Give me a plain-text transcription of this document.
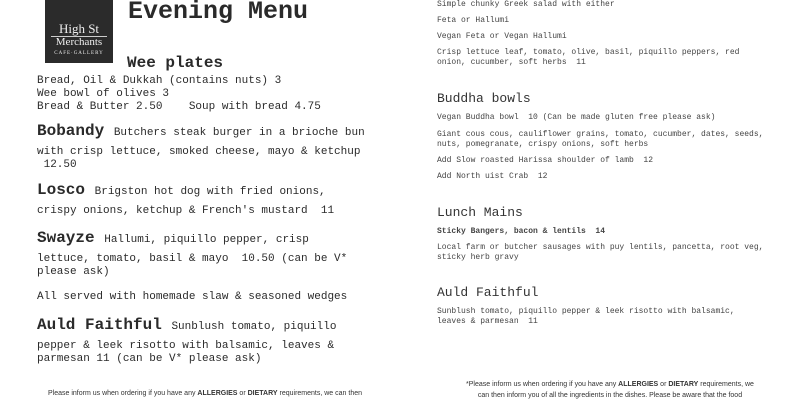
High St
Merchants
CAFE·GALLERY
Evening Menu
Wee plates
Bread, Oil & Dukkah (contains nuts) 3
Wee bowl of olives 3
Bread & Butter 2.50    Soup with bread 4.75
Bobandy Butchers steak burger in a brioche bun
with crisp lettuce, smoked cheese, mayo & ketchup
12.50
Losco Brigston hot dog with fried onions,
crispy onions, ketchup & French's mustard  11
Swayze Hallumi, piquillo pepper, crisp
lettuce, tomato, basil & mayo  10.50 (can be V*
please ask)
All served with homemade slaw & seasoned wedges
Auld Faithful Sunblush tomato, piquillo
pepper & leek risotto with balsamic, leaves &
parmesan 11 (can be V* please ask)
Please inform us when ordering if you have any ALLERGIES or DIETARY requirements, we can then
Simple chunky Greek salad with either
Feta or Hallumi
Vegan Feta or Vegan Hallumi
Crisp lettuce leaf, tomato, olive, basil, piquillo peppers, red
onion, cucumber, soft herbs  11
Buddha bowls
Vegan Buddha bowl  10 (Can be made gluten free please ask)
Giant cous cous, cauliflower grains, tomato, cucumber, dates, seeds,
nuts, pomegranate, crispy onions, soft herbs
Add Slow roasted Harissa shoulder of lamb  12
Add North uist Crab  12
Lunch Mains
Sticky Bangers, bacon & lentils  14
Local farm or butcher sausages with puy lentils, pancetta, root veg,
sticky herb gravy
Auld Faithful
Sunblush tomato, piquillo pepper & leek risotto with balsamic,
leaves & parmesan  11
*Please inform us when ordering if you have any ALLERGIES or DIETARY requirements, we
can then inform you of all the ingredients in the dishes. Please be aware that the food
